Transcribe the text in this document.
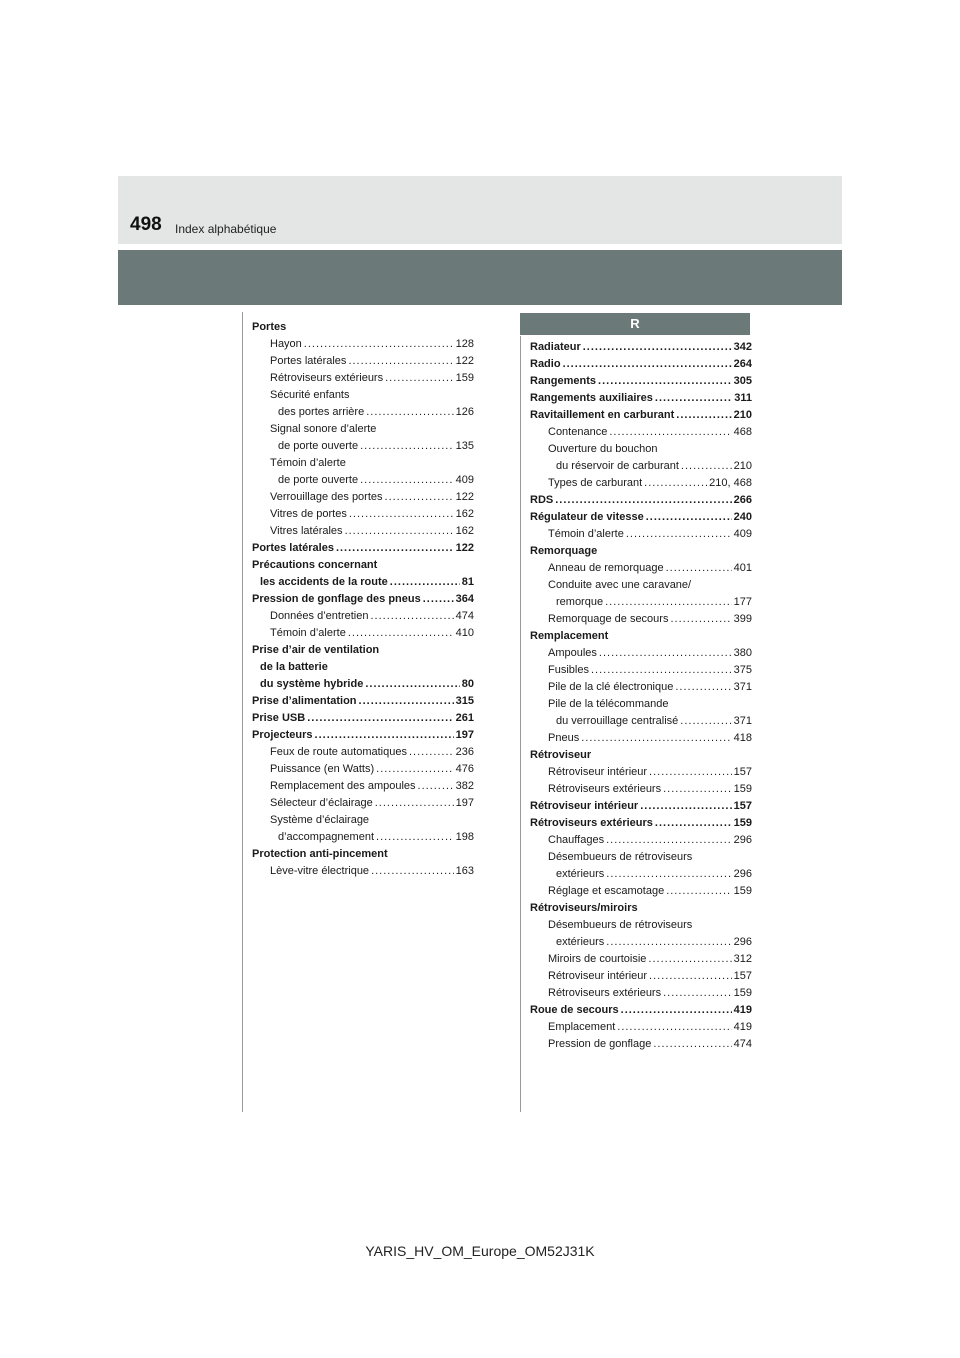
498 Index alphabétique
R
Portes
Hayon .....	128
Portes latérales .....	122
Rétroviseurs extérieurs .....	159
Sécurité enfants
des portes arrière .....	126
Signal sonore d’alerte
de porte ouverte .....	135
Témoin d’alerte
de porte ouverte .....	409
Verrouillage des portes .....	122
Vitres de portes .....	162
Vitres latérales .....	162
Portes latérales .....	122
Précautions concernant
les accidents de la route .....	81
Pression de gonflage des pneus .....	364
Données d’entretien .....	474
Témoin d’alerte .....	410
Prise d’air de ventilation
de la batterie
du système hybride .....	80
Prise d’alimentation .....	315
Prise USB .....	261
Projecteurs .....	197
Feux de route automatiques .....	236
Puissance (en Watts) .....	476
Remplacement des ampoules .....	382
Sélecteur d’éclairage .....	197
Système d’éclairage
d’accompagnement .....	198
Protection anti-pincement
Lève-vitre électrique .....	163
Radiateur .....	342
Radio .....	264
Rangements .....	305
Rangements auxiliaires .....	311
Ravitaillement en carburant .....	210
Contenance .....	468
Ouverture du bouchon
du réservoir de carburant .....	210
Types de carburant .....	210, 468
RDS .....	266
Régulateur de vitesse .....	240
Témoin d’alerte .....	409
Remorquage
Anneau de remorquage .....	401
Conduite avec une caravane/
remorque .....	177
Remorquage de secours .....	399
Remplacement
Ampoules .....	380
Fusibles .....	375
Pile de la clé électronique .....	371
Pile de la télécommande
du verrouillage centralisé .....	371
Pneus .....	418
Rétroviseur
Rétroviseur intérieur .....	157
Rétroviseurs extérieurs .....	159
Rétroviseur intérieur .....	157
Rétroviseurs extérieurs .....	159
Chauffages .....	296
Désembueurs de rétroviseurs
extérieurs .....	296
Réglage et escamotage .....	159
Rétroviseurs/miroirs
Désembueurs de rétroviseurs
extérieurs .....	296
Miroirs de courtoisie .....	312
Rétroviseur intérieur .....	157
Rétroviseurs extérieurs .....	159
Roue de secours .....	419
Emplacement .....	419
Pression de gonflage .....	474
YARIS_HV_OM_Europe_OM52J31K
